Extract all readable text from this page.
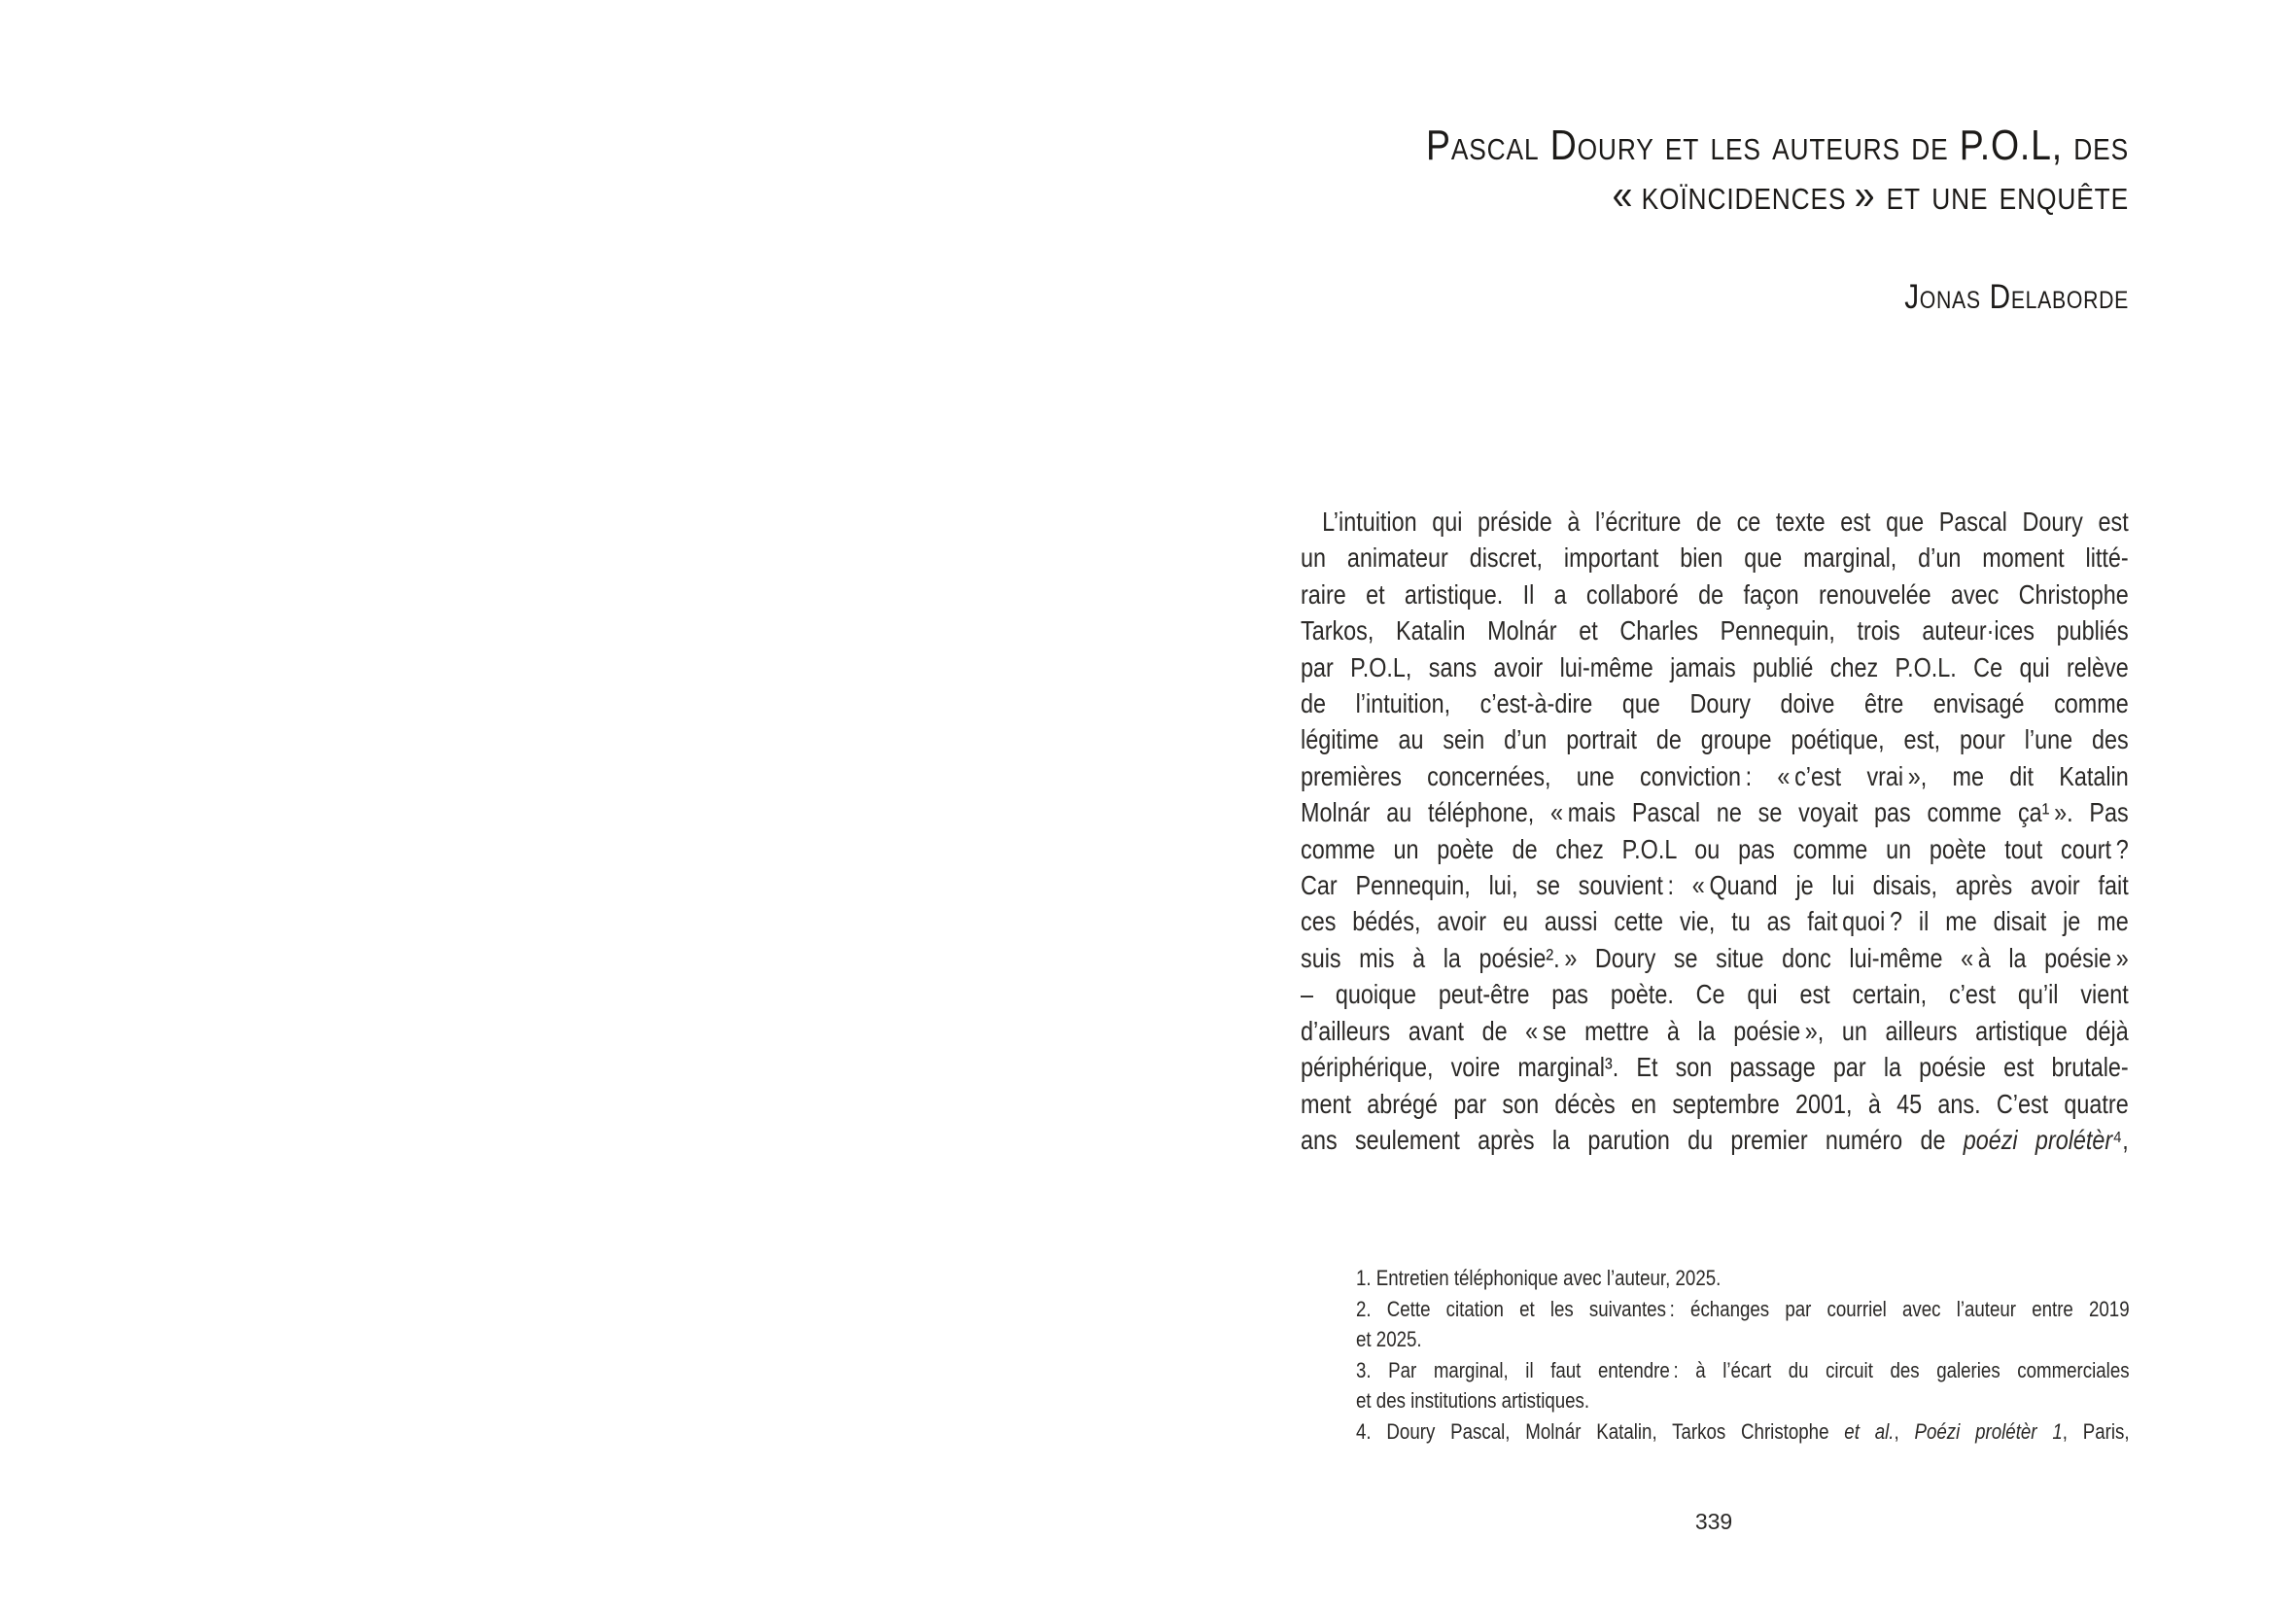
Pascal Doury et les auteurs de P.O.L, des
« koïncidences » et une enquête
Jonas Delaborde
L’intuition qui préside à l’écriture de ce texte est que Pascal Doury est
un animateur discret, important bien que marginal, d’un moment litté-
raire et artistique. Il a collaboré de façon renouvelée avec Christophe
Tarkos, Katalin Molnár et Charles Pennequin, trois auteur·ices publiés
par P.O.L, sans avoir lui-même jamais publié chez P.O.L. Ce qui relève
de l’intuition, c’est-à-dire que Doury doive être envisagé comme
légitime au sein d’un portrait de groupe poétique, est, pour l’une des
premières concernées, une conviction : « c’est vrai », me dit Katalin
Molnár au téléphone, « mais Pascal ne se voyait pas comme ça¹ ». Pas
comme un poète de chez P.O.L ou pas comme un poète tout court ?
Car Pennequin, lui, se souvient : « Quand je lui disais, après avoir fait
ces bédés, avoir eu aussi cette vie, tu as fait quoi ? il me disait je me
suis mis à la poésie². » Doury se situe donc lui-même « à la poésie »
– quoique peut-être pas poète. Ce qui est certain, c’est qu’il vient
d’ailleurs avant de « se mettre à la poésie », un ailleurs artistique déjà
périphérique, voire marginal³. Et son passage par la poésie est brutale-
ment abrégé par son décès en septembre 2001, à 45 ans. C’est quatre
ans seulement après la parution du premier numéro de poézi prolétèr⁴,
1. Entretien téléphonique avec l’auteur, 2025.
2. Cette citation et les suivantes : échanges par courriel avec l’auteur entre 2019
et 2025.
3. Par marginal, il faut entendre : à l’écart du circuit des galeries commerciales
et des institutions artistiques.
4. Doury Pascal, Molnár Katalin, Tarkos Christophe et al., Poézi prolétèr 1, Paris,
339
